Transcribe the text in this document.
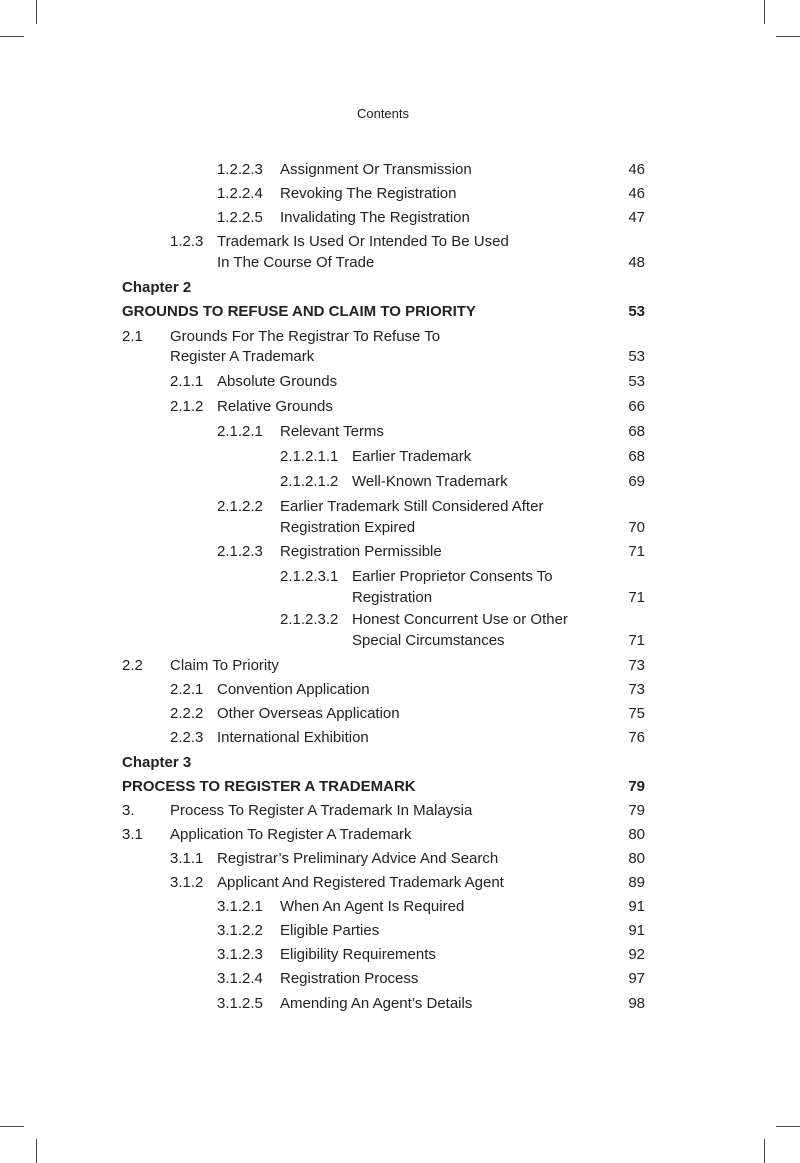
Contents
1.2.2.3 Assignment Or Transmission	46
1.2.2.4 Revoking The Registration	46
1.2.2.5 Invalidating The Registration	47
1.2.3 Trademark Is Used Or Intended To Be Used
In The Course Of Trade	48
Chapter 2
GROUNDS TO REFUSE AND CLAIM TO PRIORITY	53
2.1 Grounds For The Registrar To Refuse To
Register A Trademark	53
2.1.1 Absolute Grounds	53
2.1.2 Relative Grounds	66
2.1.2.1 Relevant Terms	68
2.1.2.1.1 Earlier Trademark	68
2.1.2.1.2 Well-Known Trademark	69
2.1.2.2 Earlier Trademark Still Considered After
Registration Expired	70
2.1.2.3 Registration Permissible	71
2.1.2.3.1 Earlier Proprietor Consents To
Registration	71
2.1.2.3.2 Honest Concurrent Use or Other
Special Circumstances	71
2.2 Claim To Priority	73
2.2.1 Convention Application	73
2.2.2 Other Overseas Application	75
2.2.3 International Exhibition	76
Chapter 3
PROCESS TO REGISTER A TRADEMARK	79
3. Process To Register A Trademark In Malaysia	79
3.1 Application To Register A Trademark	80
3.1.1 Registrar’s Preliminary Advice And Search	80
3.1.2 Applicant And Registered Trademark Agent	89
3.1.2.1 When An Agent Is Required	91
3.1.2.2 Eligible Parties	91
3.1.2.3 Eligibility Requirements	92
3.1.2.4 Registration Process	97
3.1.2.5 Amending An Agent’s Details	98
